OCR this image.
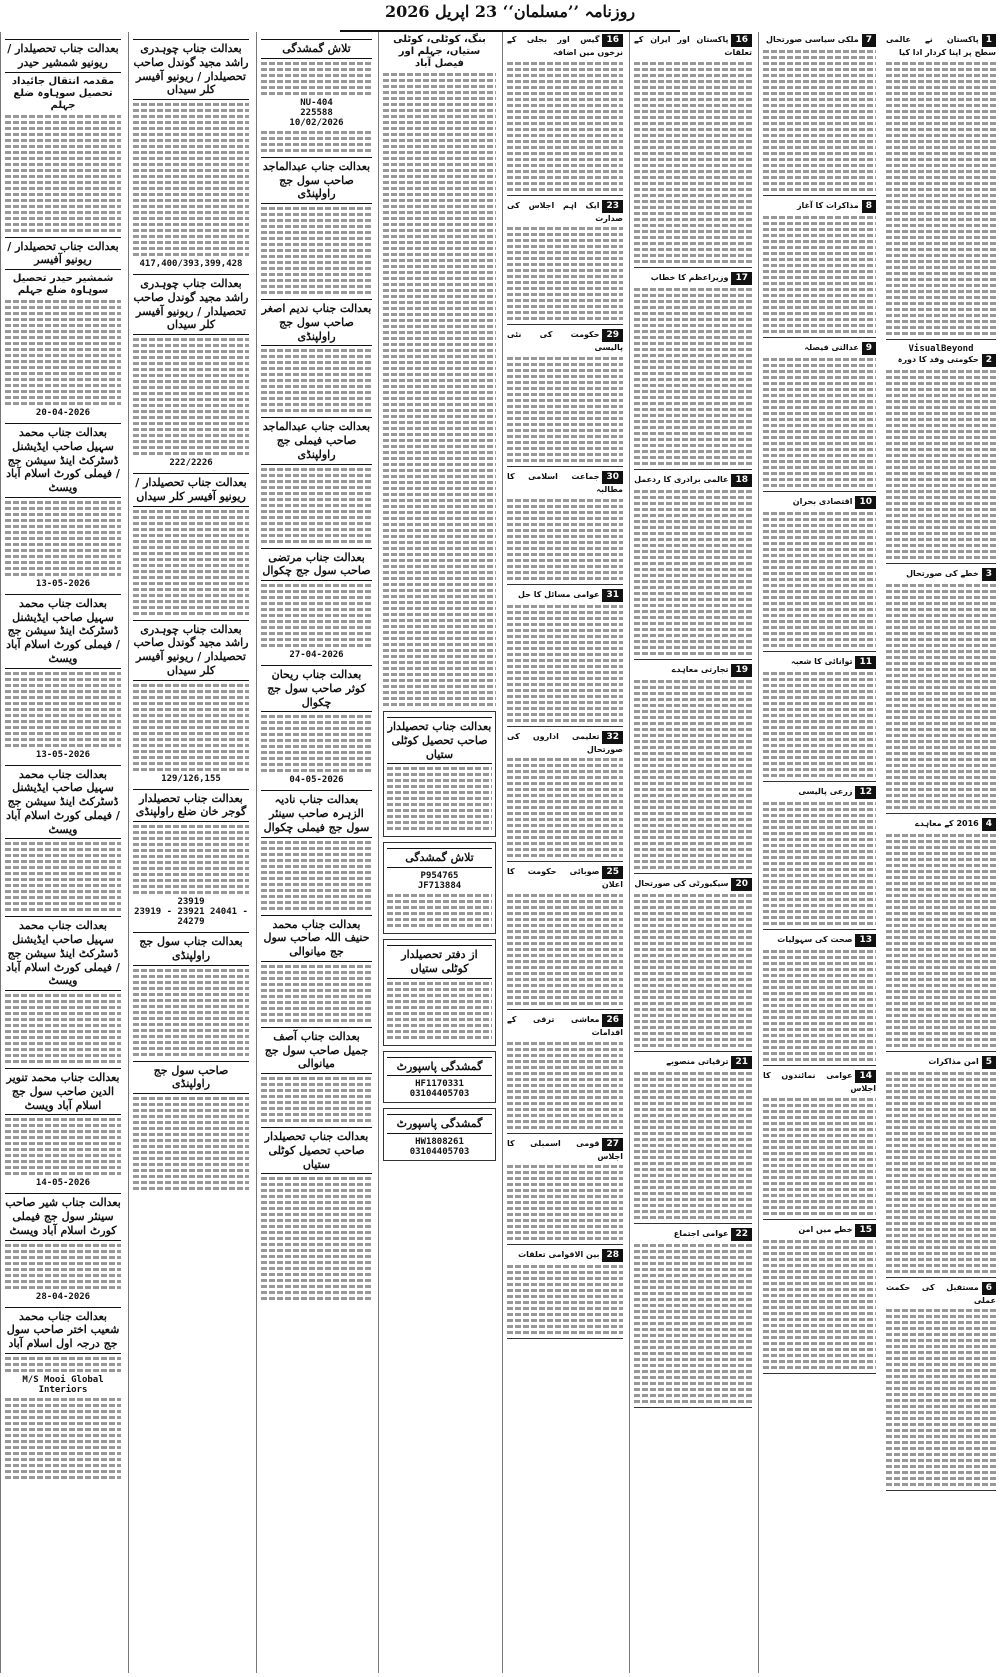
روزنامہ ’’مسلمان‘‘ 23 اپریل 2026
بعدالت جناب تحصیلدار / ریونیو شمشیر حیدر
مقدمہ انتقال جائیداد تحصیل سوہاوہ ضلع جہلم
بعدالت جناب تحصیلدار / ریونیو آفیسر
شمشیر حیدر تحصیل سوہاوہ ضلع جہلم
20-04-2026
بعدالت جناب محمد سہیل صاحب ایڈیشنل ڈسٹرکٹ اینڈ سیشن جج / فیملی کورٹ اسلام آباد ویسٹ
13-05-2026
بعدالت جناب محمد سہیل صاحب ایڈیشنل ڈسٹرکٹ اینڈ سیشن جج / فیملی کورٹ اسلام آباد ویسٹ
13-05-2026
بعدالت جناب محمد سہیل صاحب ایڈیشنل ڈسٹرکٹ اینڈ سیشن جج / فیملی کورٹ اسلام آباد ویسٹ
بعدالت جناب محمد سہیل صاحب ایڈیشنل ڈسٹرکٹ اینڈ سیشن جج / فیملی کورٹ اسلام آباد ویسٹ
بعدالت جناب محمد تنویر الدین صاحب سول جج اسلام آباد ویسٹ
14-05-2026
بعدالت جناب شیر صاحب سینئر سول جج فیملی کورٹ اسلام آباد ویسٹ
28-04-2026
بعدالت جناب محمد شعیب اختر صاحب سول جج درجہ اول اسلام آباد
M/S Mooi Global Interiors
بعدالت جناب چوہدری راشد مجید گوندل صاحب تحصیلدار / ریونیو آفیسر کلر سیداں
417,400/393,399,428
بعدالت جناب چوہدری راشد مجید گوندل صاحب تحصیلدار / ریونیو آفیسر کلر سیداں
222/2226
بعدالت جناب تحصیلدار / ریونیو آفیسر کلر سیداں
بعدالت جناب چوہدری راشد مجید گوندل صاحب تحصیلدار / ریونیو آفیسر کلر سیداں
129/126,155
بعدالت جناب تحصیلدار گوجر خان ضلع راولپنڈی
23919
23919 - 23921 24041 - 24279
بعدالت جناب سول جج راولپنڈی
صاحب سول جج راولپنڈی
تلاش گمشدگی
NU-404
225588
10/02/2026
بعدالت جناب عبدالماجد صاحب سول جج راولپنڈی
بعدالت جناب ندیم اصغر صاحب سول جج راولپنڈی
بعدالت جناب عبدالماجد صاحب فیملی جج راولپنڈی
بعدالت جناب مرتضی صاحب سول جج چکوال
27-04-2026
بعدالت جناب ریحان کوثر صاحب سول جج چکوال
04-05-2026
بعدالت جناب نادیہ الزہرہ صاحب سینئر سول جج فیملی چکوال
بعدالت جناب محمد حنیف اللہ صاحب سول جج میانوالی
بعدالت جناب آصف جمیل صاحب سول جج میانوالی
بعدالت جناب تحصیلدار صاحب تحصیل کوٹلی ستیاں
بنگ، کوٹلی، کوٹلی ستیاں، جہلم اور فیصل آباد
بعدالت جناب تحصیلدار صاحب تحصیل کوٹلی ستیاں
تلاش گمشدگی
P954765
JF713884
از دفتر تحصیلدار کوٹلی ستیاں
گمشدگی پاسپورٹ
HF1170331
03104405703
گمشدگی پاسپورٹ
HW1808261
03104405703
16گیس اور بجلی کے نرخوں میں اضافہ
23ایک اہم اجلاس کی صدارت
29حکومت کی نئی پالیسی
30جماعت اسلامی کا مطالبہ
31عوامی مسائل کا حل
32تعلیمی اداروں کی صورتحال
25صوبائی حکومت کا اعلان
26معاشی ترقی کے اقدامات
27قومی اسمبلی کا اجلاس
28بین الاقوامی تعلقات
16پاکستان اور ایران کے تعلقات
17وزیراعظم کا خطاب
18عالمی برادری کا ردعمل
19تجارتی معاہدے
20سیکیورٹی کی صورتحال
21ترقیاتی منصوبے
22عوامی اجتماع
7ملکی سیاسی صورتحال
8مذاکرات کا آغاز
9عدالتی فیصلہ
10اقتصادی بحران
11توانائی کا شعبہ
12زرعی پالیسی
13صحت کی سہولیات
14عوامی نمائندوں کا اجلاس
15خطے میں امن
1پاکستان نے عالمی سطح پر اپنا کردار ادا کیا
VisualBeyond
2حکومتی وفد کا دورہ
3خطے کی صورتحال
42016 کے معاہدے
5امن مذاکرات
6مستقبل کی حکمت عملی
